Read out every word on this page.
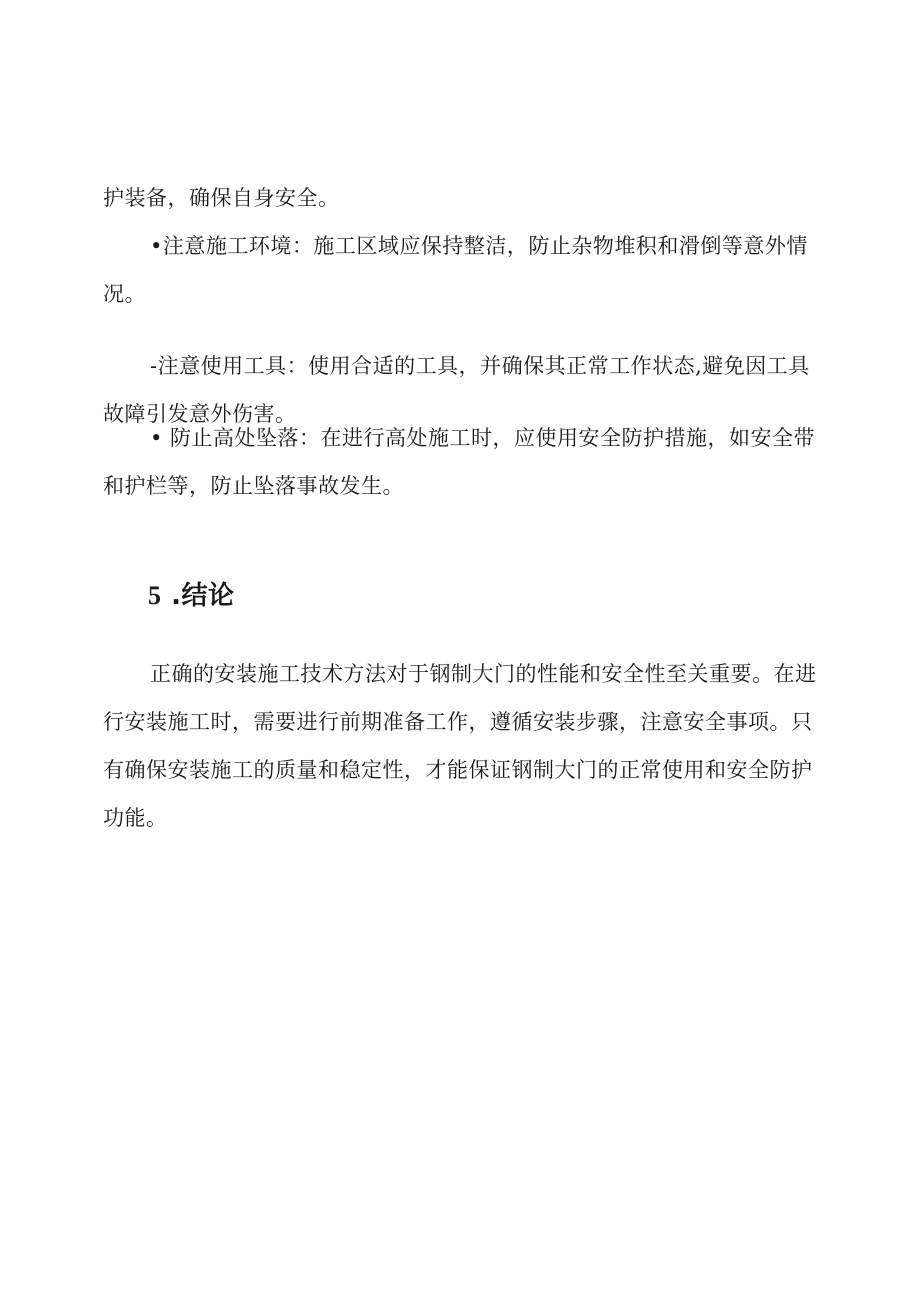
护装备，确保自身安全。

•注意施工环境：施工区域应保持整洁，防止杂物堆积和滑倒等意外情况。

-注意使用工具：使用合适的工具，并确保其正常工作状态,避免因工具故障引发意外伤害。

• 防止高处坠落：在进行高处施工时，应使用安全防护措施，如安全带和护栏等，防止坠落事故发生。

5 .结论

正确的安装施工技术方法对于钢制大门的性能和安全性至关重要。在进行安装施工时，需要进行前期准备工作，遵循安装步骤，注意安全事项。只有确保安装施工的质量和稳定性，才能保证钢制大门的正常使用和安全防护功能。
